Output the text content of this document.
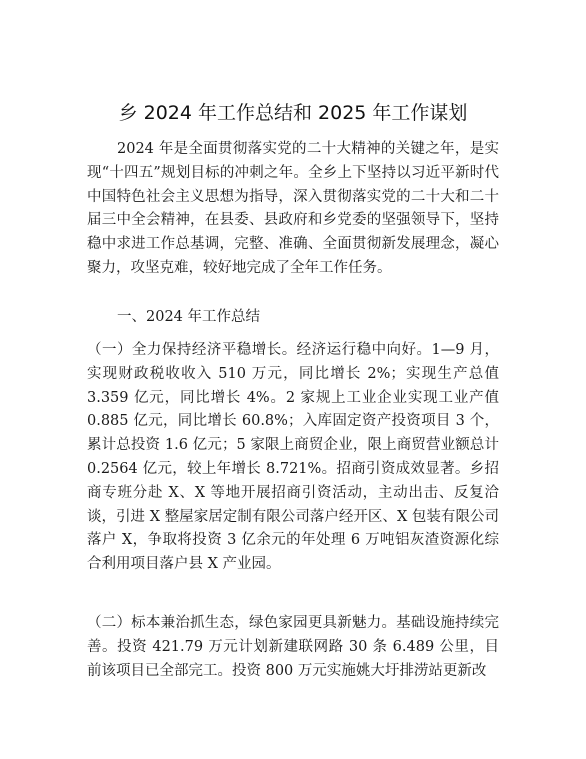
乡 2024 年工作总结和 2025 年工作谋划
2024 年是全面贯彻落实党的二十大精神的关键之年，是实现“十四五”规划目标的冲刺之年。全乡上下坚持以习近平新时代中国特色社会主义思想为指导，深入贯彻落实党的二十大和二十届三中全会精神，在县委、县政府和乡党委的坚强领导下，坚持稳中求进工作总基调，完整、准确、全面贯彻新发展理念，凝心聚力，攻坚克难，较好地完成了全年工作任务。
一、2024 年工作总结
（一）全力保持经济平稳增长。经济运行稳中向好。1—9 月，实现财政税收收入 510 万元，同比增长 2%；实现生产总值 3.359 亿元，同比增长 4%。2 家规上工业企业实现工业产值 0.885 亿元，同比增长 60.8%；入库固定资产投资项目 3 个，累计总投资 1.6 亿元；5 家限上商贸企业，限上商贸营业额总计 0.2564 亿元，较上年增长 8.721%。招商引资成效显著。乡招商专班分赴 X、X 等地开展招商引资活动，主动出击、反复洽谈，引进 X 整屋家居定制有限公司落户经开区、X 包装有限公司落户 X，争取将投资 3 亿余元的年处理 6 万吨铝灰渣资源化综合利用项目落户县 X 产业园。
（二）标本兼治抓生态，绿色家园更具新魅力。基础设施持续完善。投资 421.79 万元计划新建联网路 30 条 6.489 公里，目前该项目已全部完工。投资 800 万元实施姚大圩排涝站更新改
